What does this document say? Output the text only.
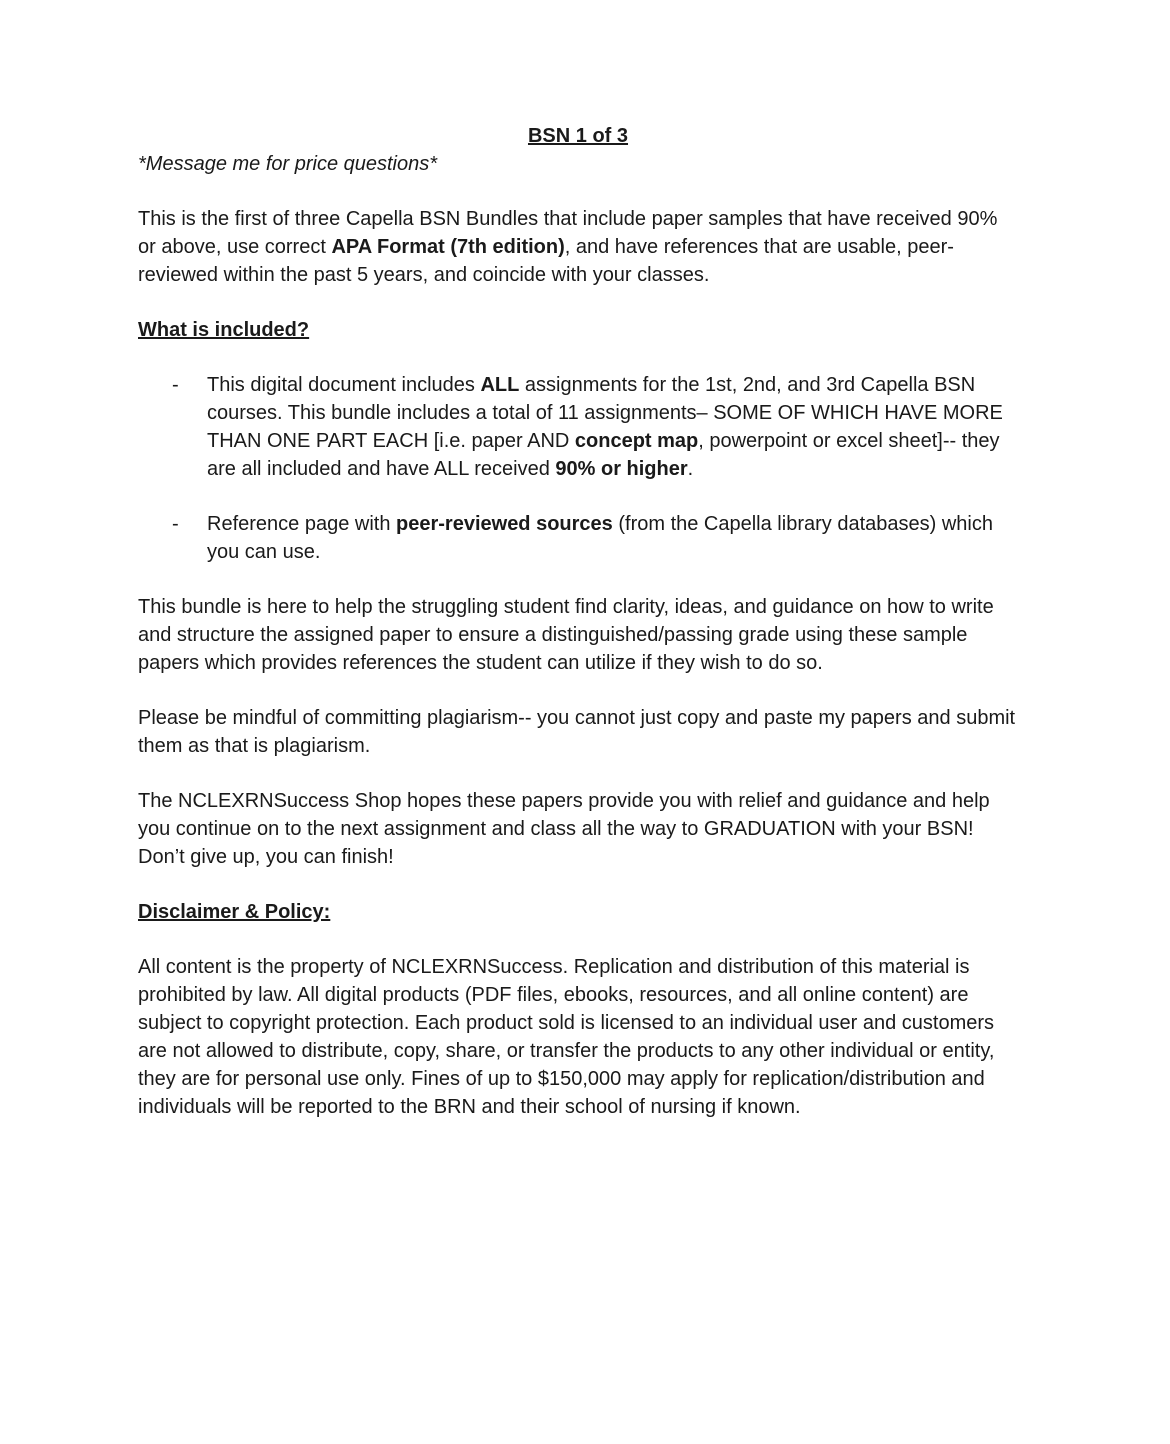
BSN 1 of 3

*Message me for price questions*

This is the first of three Capella BSN Bundles that include paper samples that have received 90% or above, use correct APA Format (7th edition), and have references that are usable, peer-reviewed within the past 5 years, and coincide with your classes.

What is included?

- This digital document includes ALL assignments for the 1st, 2nd, and 3rd Capella BSN courses. This bundle includes a total of 11 assignments– SOME OF WHICH HAVE MORE THAN ONE PART EACH [i.e. paper AND concept map, powerpoint or excel sheet]-- they are all included and have ALL received 90% or higher.
- Reference page with peer-reviewed sources (from the Capella library databases) which you can use.

This bundle is here to help the struggling student find clarity, ideas, and guidance on how to write and structure the assigned paper to ensure a distinguished/passing grade using these sample papers which provides references the student can utilize if they wish to do so.

Please be mindful of committing plagiarism-- you cannot just copy and paste my papers and submit them as that is plagiarism.

The NCLEXRNSuccess Shop hopes these papers provide you with relief and guidance and help you continue on to the next assignment and class all the way to GRADUATION with your BSN! Don’t give up, you can finish!

Disclaimer & Policy:

All content is the property of NCLEXRNSuccess. Replication and distribution of this material is prohibited by law. All digital products (PDF files, ebooks, resources, and all online content) are subject to copyright protection. Each product sold is licensed to an individual user and customers are not allowed to distribute, copy, share, or transfer the products to any other individual or entity, they are for personal use only. Fines of up to $150,000 may apply for replication/distribution and individuals will be reported to the BRN and their school of nursing if known.
